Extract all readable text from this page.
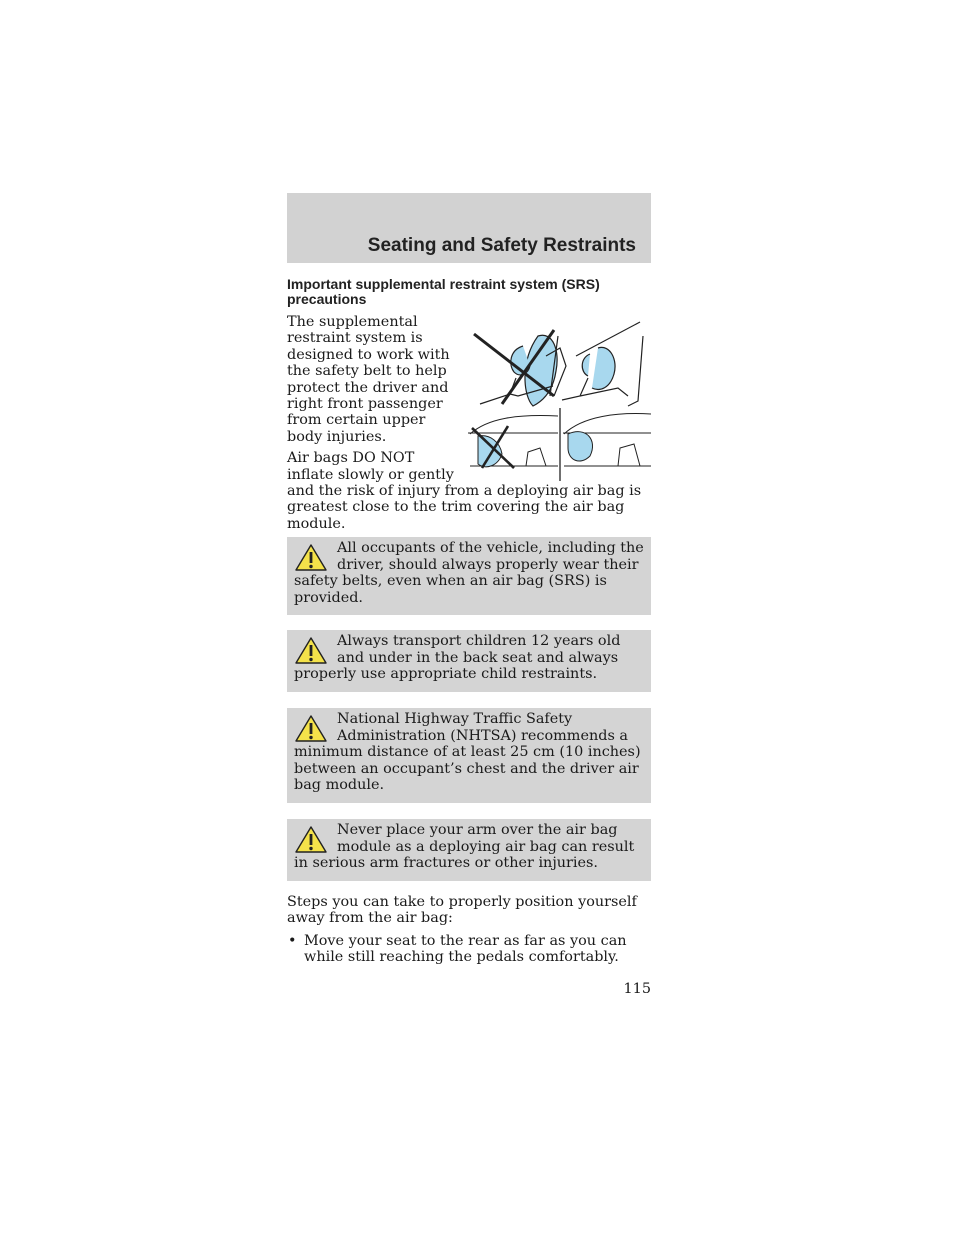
Seating and Safety Restraints
Important supplemental restraint system (SRS) precautions

The supplemental restraint system is designed to work with the safety belt to help protect the driver and right front passenger from certain upper body injuries.

Air bags DO NOT inflate slowly or gently and the risk of injury from a deploying air bag is greatest close to the trim covering the air bag module.

All occupants of the vehicle, including the driver, should always properly wear their safety belts, even when an air bag (SRS) is provided.

Always transport children 12 years old and under in the back seat and always properly use appropriate child restraints.

National Highway Traffic Safety Administration (NHTSA) recommends a minimum distance of at least 25 cm (10 inches) between an occupant’s chest and the driver air bag module.

Never place your arm over the air bag module as a deploying air bag can result in serious arm fractures or other injuries.

Steps you can take to properly position yourself away from the air bag:

• Move your seat to the rear as far as you can while still reaching the pedals comfortably.
115
